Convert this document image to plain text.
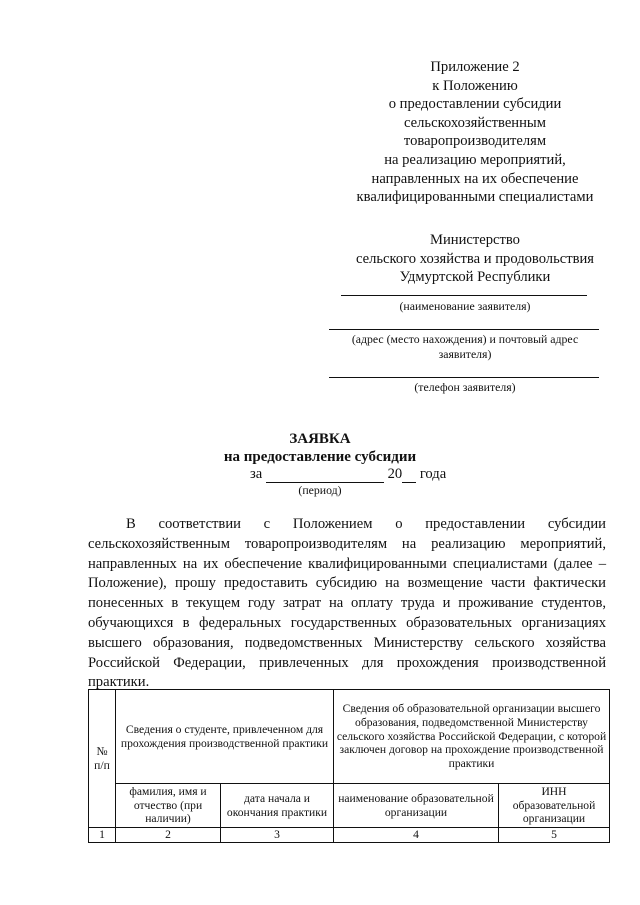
Приложение 2
к Положению
о предоставлении субсидии
сельскохозяйственным
товаропроизводителям
на реализацию мероприятий,
направленных на их обеспечение
квалифицированными специалистами
Министерство
сельского хозяйства и продовольствия
Удмуртской Республики
(наименование заявителя)
(адрес (место нахождения) и почтовый адрес заявителя)
(телефон заявителя)
ЗАЯВКА
на предоставление субсидии
за	20 года
(период)
В соответствии с Положением о предоставлении субсидии сельскохозяйственным товаропроизводителям на реализацию мероприятий, направленных на их обеспечение квалифицированными специалистами (далее – Положение), прошу предоставить субсидию на возмещение части фактически понесенных в текущем году затрат на оплату труда и проживание студентов, обучающихся в федеральных государственных образовательных организациях высшего образования, подведомственных Министерству сельского хозяйства Российской Федерации, привлеченных для прохождения производственной практики.
№ п/п	Сведения о студенте, привлеченном для прохождения производственной практики		Сведения об образовательной организации высшего образования, подведомственной Министерству сельского хозяйства Российской Федерации, с которой заключен договор на прохождение производственной практики	
	фамилия, имя и отчество (при наличии)	дата начала и окончания практики	наименование образовательной организации	ИНН образовательной организации
1	2	3	4	5
